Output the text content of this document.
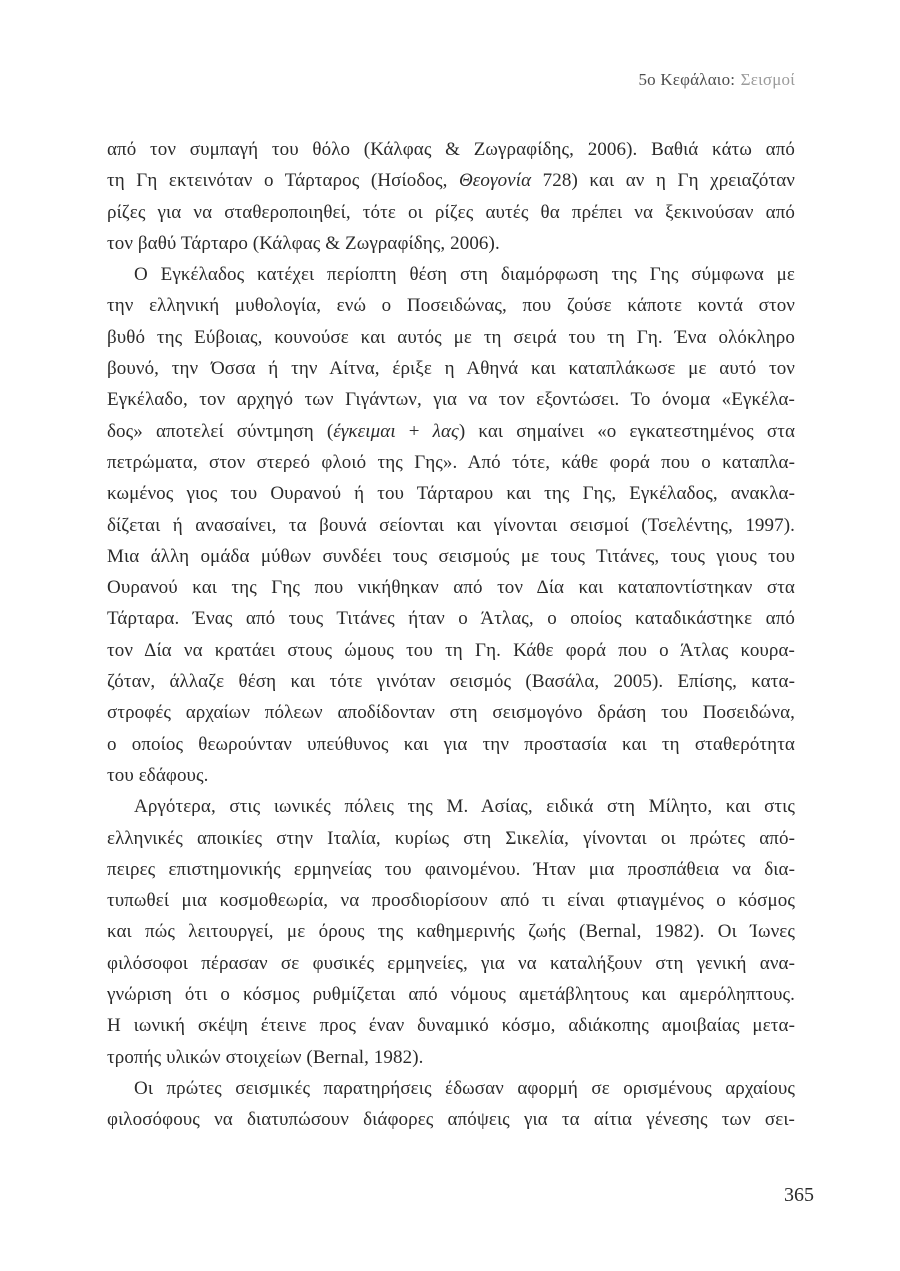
5ο Κεφάλαιο: Σεισμοί
από τον συμπαγή του θόλο (Κάλφας & Ζωγραφίδης, 2006). Βαθιά κάτω από
τη Γη εκτεινόταν ο Τάρταρος (Ησίοδος, Θεογονία 728) και αν η Γη χρειαζόταν
ρίζες για να σταθεροποιηθεί, τότε οι ρίζες αυτές θα πρέπει να ξεκινούσαν από
τον βαθύ Τάρταρο (Κάλφας & Ζωγραφίδης, 2006).
Ο Εγκέλαδος κατέχει περίοπτη θέση στη διαμόρφωση της Γης σύμφωνα με
την ελληνική μυθολογία, ενώ ο Ποσειδώνας, που ζούσε κάποτε κοντά στον
βυθό της Εύβοιας, κουνούσε και αυτός με τη σειρά του τη Γη. Ένα ολόκληρο
βουνό, την Όσσα ή την Αίτνα, έριξε η Αθηνά και καταπλάκωσε με αυτό τον
Εγκέλαδο, τον αρχηγό των Γιγάντων, για να τον εξοντώσει. Το όνομα «Εγκέλα-
δος» αποτελεί σύντμηση (έγκειμαι + λας) και σημαίνει «ο εγκατεστημένος στα
πετρώματα, στον στερεό φλοιό της Γης». Από τότε, κάθε φορά που ο καταπλα-
κωμένος γιος του Ουρανού ή του Τάρταρου και της Γης, Εγκέλαδος, ανακλα-
δίζεται ή ανασαίνει, τα βουνά σείονται και γίνονται σεισμοί (Τσελέντης, 1997).
Μια άλλη ομάδα μύθων συνδέει τους σεισμούς με τους Τιτάνες, τους γιους του
Ουρανού και της Γης που νικήθηκαν από τον Δία και καταποντίστηκαν στα
Τάρταρα. Ένας από τους Τιτάνες ήταν ο Άτλας, ο οποίος καταδικάστηκε από
τον Δία να κρατάει στους ώμους του τη Γη. Κάθε φορά που ο Άτλας κουρα-
ζόταν, άλλαζε θέση και τότε γινόταν σεισμός (Βασάλα, 2005). Επίσης, κατα-
στροφές αρχαίων πόλεων αποδίδονταν στη σεισμογόνο δράση του Ποσειδώνα,
ο οποίος θεωρούνταν υπεύθυνος και για την προστασία και τη σταθερότητα
του εδάφους.
Αργότερα, στις ιωνικές πόλεις της Μ. Ασίας, ειδικά στη Μίλητο, και στις
ελληνικές αποικίες στην Ιταλία, κυρίως στη Σικελία, γίνονται οι πρώτες από-
πειρες επιστημονικής ερμηνείας του φαινομένου. Ήταν μια προσπάθεια να δια-
τυπωθεί μια κοσμοθεωρία, να προσδιορίσουν από τι είναι φτιαγμένος ο κόσμος
και πώς λειτουργεί, με όρους της καθημερινής ζωής (Bernal, 1982). Οι Ίωνες
φιλόσοφοι πέρασαν σε φυσικές ερμηνείες, για να καταλήξουν στη γενική ανα-
γνώριση ότι ο κόσμος ρυθμίζεται από νόμους αμετάβλητους και αμερόληπτους.
Η ιωνική σκέψη έτεινε προς έναν δυναμικό κόσμο, αδιάκοπης αμοιβαίας μετα-
τροπής υλικών στοιχείων (Bernal, 1982).
Οι πρώτες σεισμικές παρατηρήσεις έδωσαν αφορμή σε ορισμένους αρχαίους
φιλοσόφους να διατυπώσουν διάφορες απόψεις για τα αίτια γένεσης των σει-
365
